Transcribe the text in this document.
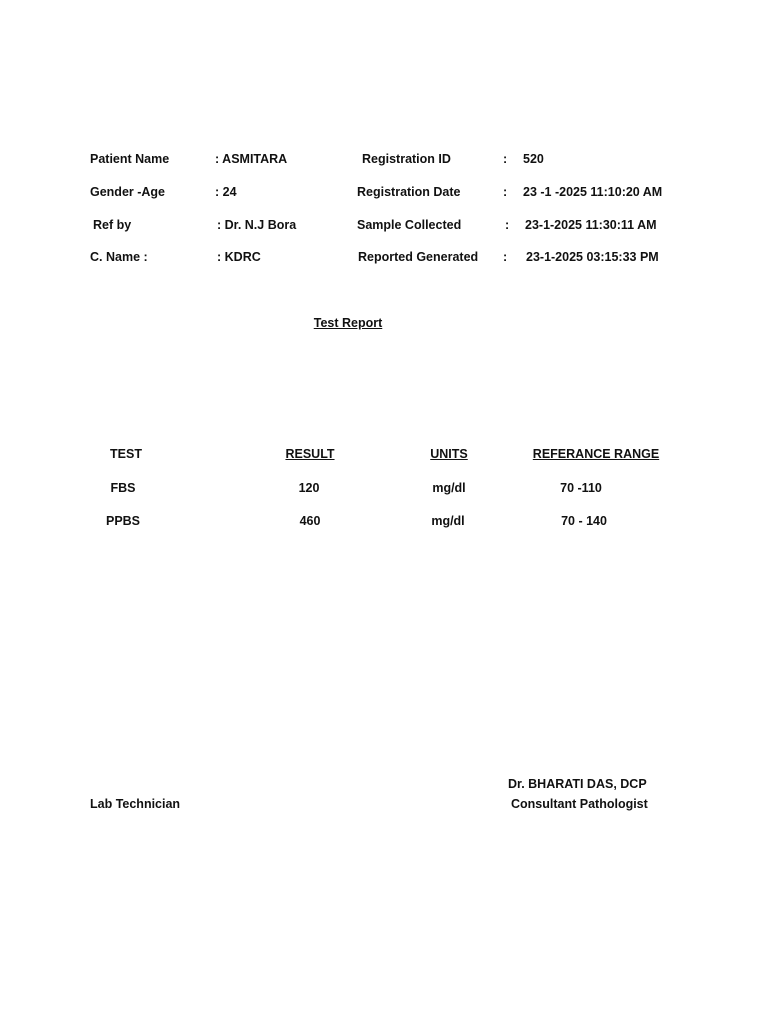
Patient Name	: ASMITARA	Registration ID	: 520
Gender -Age	: 24	Registration Date	: 23 -1 -2025 11:10:20 AM
Ref by	: Dr. N.J Bora	Sample Collected	: 23-1-2025 11:30:11 AM
C. Name :	: KDRC	Reported Generated : 23-1-2025 03:15:33 PM
Test Report
TEST	RESULT	UNITS	REFERANCE RANGE
FBS	120	mg/dl	70 -110
PPBS	460	mg/dl	70 - 140
Lab Technician
Dr. BHARATI DAS, DCP
Consultant Pathologist
